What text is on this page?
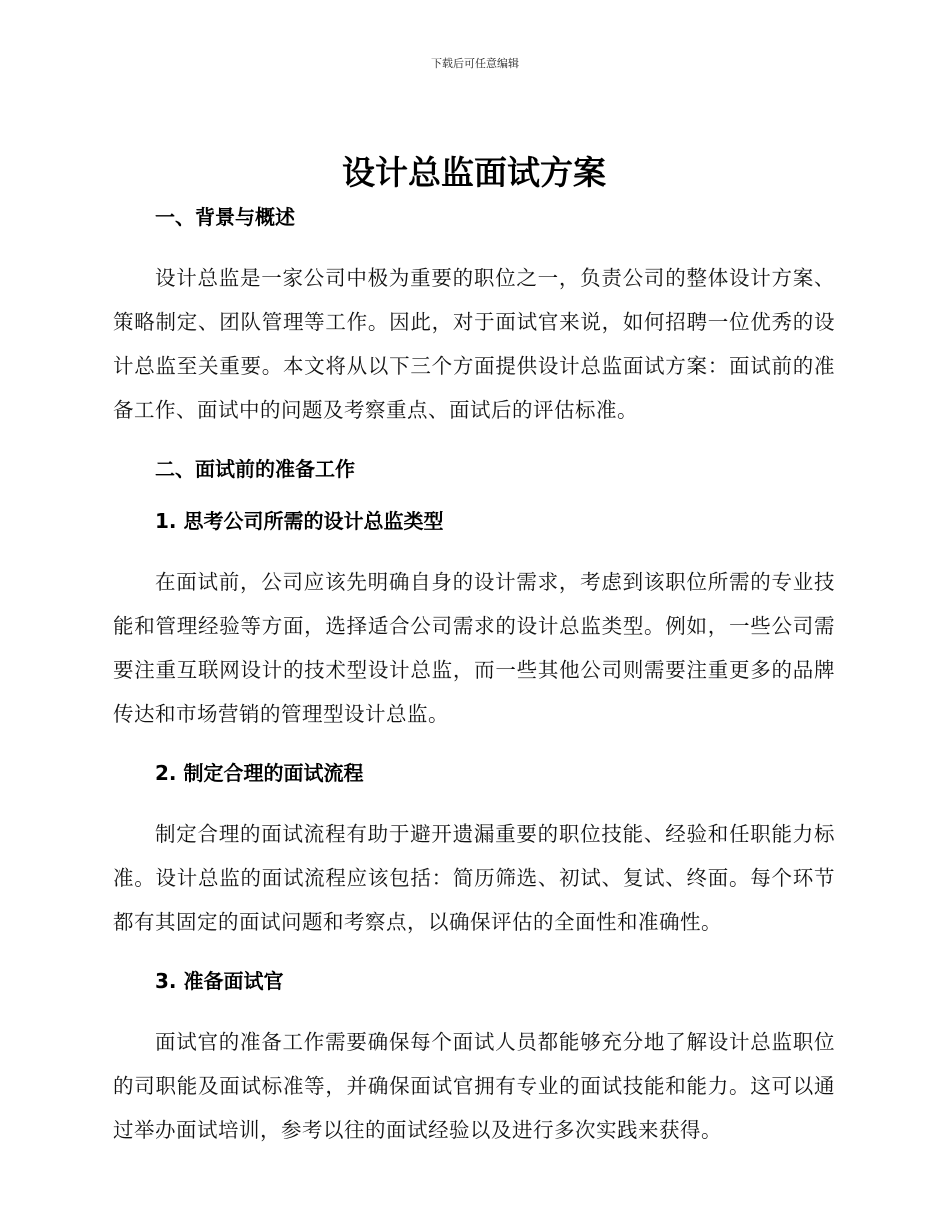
下载后可任意编辑
设计总监面试方案
一、背景与概述

设计总监是一家公司中极为重要的职位之一，负责公司的整体设计方案、策略制定、团队管理等工作。因此，对于面试官来说，如何招聘一位优秀的设计总监至关重要。本文将从以下三个方面提供设计总监面试方案：面试前的准备工作、面试中的问题及考察重点、面试后的评估标准。

二、面试前的准备工作
1. 思考公司所需的设计总监类型

在面试前，公司应该先明确自身的设计需求，考虑到该职位所需的专业技能和管理经验等方面，选择适合公司需求的设计总监类型。例如，一些公司需要注重互联网设计的技术型设计总监，而一些其他公司则需要注重更多的品牌传达和市场营销的管理型设计总监。

2. 制定合理的面试流程

制定合理的面试流程有助于避开遗漏重要的职位技能、经验和任职能力标准。设计总监的面试流程应该包括：简历筛选、初试、复试、终面。每个环节都有其固定的面试问题和考察点，以确保评估的全面性和准确性。

3. 准备面试官

面试官的准备工作需要确保每个面试人员都能够充分地了解设计总监职位的司职能及面试标准等，并确保面试官拥有专业的面试技能和能力。这可以通过举办面试培训，参考以往的面试经验以及进行多次实践来获得。
